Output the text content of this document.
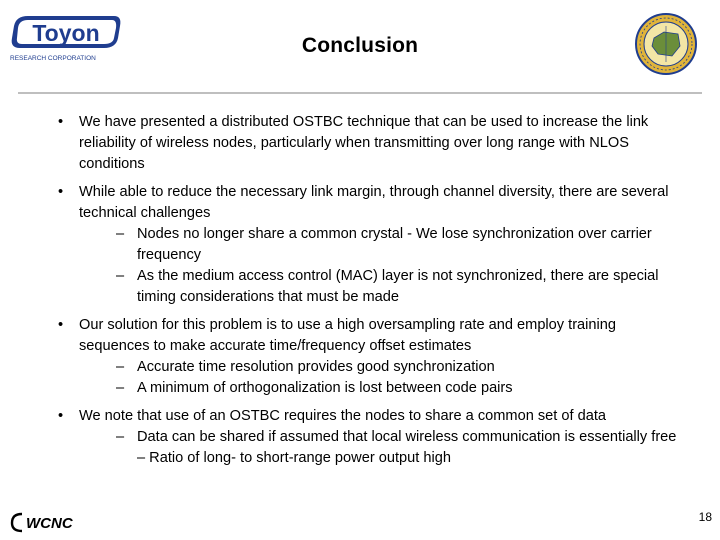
Toyon
RESEARCH CORPORATION
Conclusion
• We have presented a distributed OSTBC technique that can be used to increase the link reliability of wireless nodes, particularly when transmitting over long range with NLOS conditions
• While able to reduce the necessary link margin, through channel diversity, there are several technical challenges
– Nodes no longer share a common crystal - We lose synchronization over carrier frequency
– As the medium access control (MAC) layer is not synchronized, there are special timing considerations that must be made
• Our solution for this problem is to use a high oversampling rate and employ training sequences to make accurate time/frequency offset estimates
– Accurate time resolution provides good synchronization
– A minimum of orthogonalization is lost between code pairs
• We note that use of an OSTBC requires the nodes to share a common set of data
– Data can be shared if assumed that local wireless communication is essentially free – Ratio of long- to short-range power output high
WCNC	18
